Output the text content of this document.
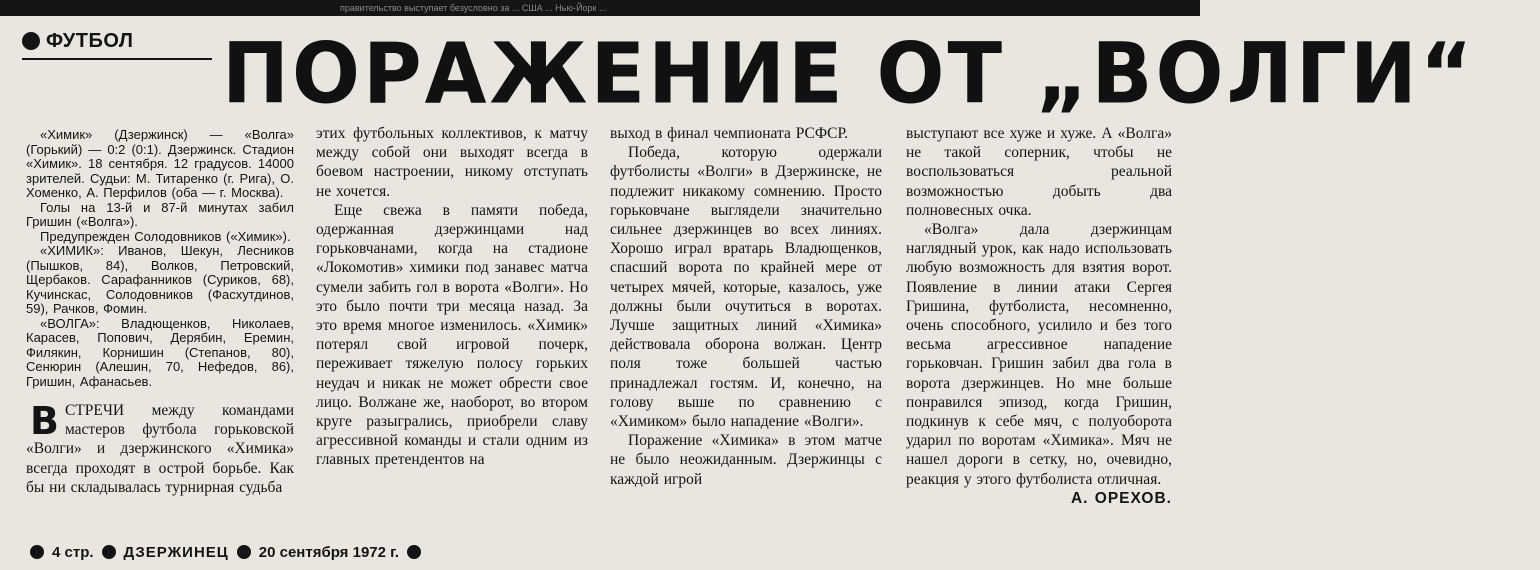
правительство выступает безусловно за ... США ... Нью-Йорк ...
ФУТБОЛ ПОРАЖЕНИЕ ОТ „ВОЛГИ“

«Химик» (Дзержинск) — «Волга» (Горький) — 0:2 (0:1). Дзержинск. Стадион «Химик». 18 сентября. 12 градусов. 14000 зрителей. Судьи: М. Титаренко (г. Рига), О. Хоменко, А. Перфилов (оба — г. Москва).

Голы на 13-й и 87-й минутах забил Гришин («Волга»).

Предупрежден Солодовников («Химик»).

«ХИМИК»: Иванов, Шекун, Лесников (Пышков, 84), Волков, Петровский, Щербаков. Сарафанников (Суриков, 68), Кучинскас, Солодовников (Фасхутдинов, 59), Рачков, Фомин.

«ВОЛГА»: Владющенков, Николаев, Карасев, Попович, Дерябин, Еремин, Филякин, Корнишин (Степанов, 80), Сенюрин (Алешин, 70, Нефедов, 86), Гришин, Афанасьев.

ВСТРЕЧИ между командами мастеров футбола горьковской «Волги» и дзержинского «Химика» всегда проходят в острой борьбе. Как бы ни складывалась турнирная судьба

этих футбольных коллективов, к матчу между собой они выходят всегда в боевом настроении, никому отступать не хочется.

Еще свежа в памяти победа, одержанная дзержинцами над горьковчанами, когда на стадионе «Локомотив» химики под занавес матча сумели забить гол в ворота «Волги». Но это было почти три месяца назад. За это время многое изменилось. «Химик» потерял свой игровой почерк, переживает тяжелую полосу горьких неудач и никак не может обрести свое лицо. Волжане же, наоборот, во втором круге разыгрались, приобрели славу агрессивной команды и стали одним из главных претендентов на

выход в финал чемпионата РСФСР.

Победа, которую одержали футболисты «Волги» в Дзержинске, не подлежит никакому сомнению. Просто горьковчане выглядели значительно сильнее дзержинцев во всех линиях. Хорошо играл вратарь Владющенков, спасший ворота по крайней мере от четырех мячей, которые, казалось, уже должны были очутиться в воротах. Лучше защитных линий «Химика» действовала оборона волжан. Центр поля тоже большей частью принадлежал гостям. И, конечно, на голову выше по сравнению с «Химиком» было нападение «Волги».

Поражение «Химика» в этом матче не было неожиданным. Дзержинцы с каждой игрой

выступают все хуже и хуже. А «Волга» не такой соперник, чтобы не воспользоваться реальной возможностью добыть два полновесных очка.

«Волга» дала дзержинцам наглядный урок, как надо использовать любую возможность для взятия ворот. Появление в линии атаки Сергея Гришина, футболиста, несомненно, очень способного, усилило и без того весьма агрессивное нападение горьковчан. Гришин забил два гола в ворота дзержинцев. Но мне больше понравился эпизод, когда Гришин, подкинув к себе мяч, с полуоборота ударил по воротам «Химика». Мяч не нашел дороги в сетку, но, очевидно, реакция у этого футболиста отличная.
А. ОРЕХОВ.

4 стр. ДЗЕРЖИНЕЦ 20 сентября 1972 г.
